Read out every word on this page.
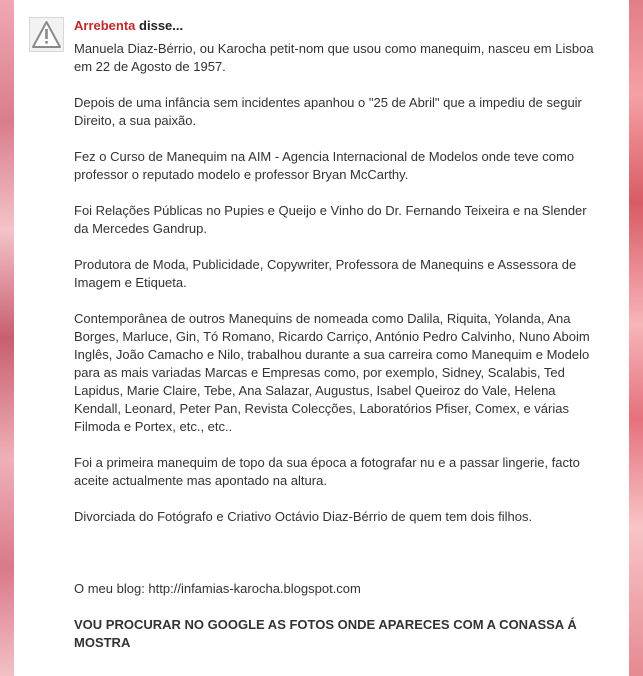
Arrebenta disse...

Manuela Diaz-Bérrio, ou Karocha petit-nom que usou como manequim, nasceu em Lisboa em 22 de Agosto de 1957.

Depois de uma infância sem incidentes apanhou o "25 de Abril" que a impediu de seguir Direito, a sua paixão.

Fez o Curso de Manequim na AIM - Agencia Internacional de Modelos onde teve como professor o reputado modelo e professor Bryan McCarthy.

Foi Relações Públicas no Pupies e Queijo e Vinho do Dr. Fernando Teixeira e na Slender da Mercedes Gandrup.

Produtora de Moda, Publicidade, Copywriter, Professora de Manequins e Assessora de Imagem e Etiqueta.

Contemporânea de outros Manequins de nomeada como Dalila, Riquita, Yolanda, Ana Borges, Marluce, Gin, Tó Romano, Ricardo Carriço, António Pedro Calvinho, Nuno Aboim Inglês, João Camacho e Nilo, trabalhou durante a sua carreira como Manequim e Modelo para as mais variadas Marcas e Empresas como, por exemplo, Sidney, Scalabis, Ted Lapidus, Marie Claire, Tebe, Ana Salazar, Augustus, Isabel Queiroz do Vale, Helena Kendall, Leonard, Peter Pan, Revista Colecções, Laboratórios Pfiser, Comex, e várias Filmoda e Portex, etc., etc..

Foi a primeira manequim de topo da sua época a fotografar nu e a passar lingerie, facto aceite actualmente mas apontado na altura.

Divorciada do Fotógrafo e Criativo Octávio Diaz-Bérrio de quem tem dois filhos.

O meu blog: http://infamias-karocha.blogspot.com

VOU PROCURAR NO GOOGLE AS FOTOS ONDE APARECES COM A CONASSA Á MOSTRA
